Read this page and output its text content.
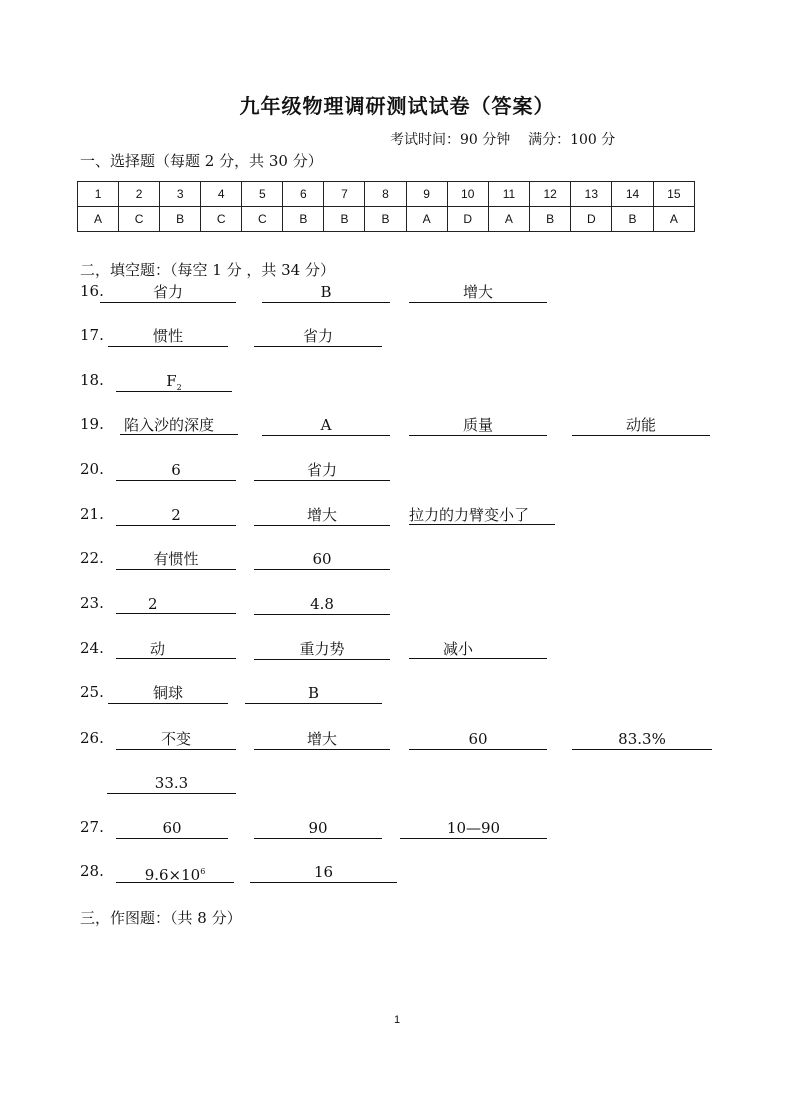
九年级物理调研测试试卷（答案）
考试时间：90 分钟 满分：100 分
一、选择题（每题 2 分，共 30 分）
1	2	3	4	5	6	7	8	9	10	11	12	13	14	15
A	C	B	C	C	B	B	B	A	D	A	B	D	B	A
二，填空题：（每空 1 分 ，共 34 分）
16.	省力	B	增大
17.	惯性	省力
18.	$F_2$
19.	陷入沙的深度	A	质量	动能
20.	6	省力
21.	2	增大	拉力的力臂变小了
22.	有惯性	60
23.	2	4.8
24.	动	重力势	减小
25.	铜球	B
26.	不变	增大	60	83.3%
33.3
27.	60	90	10—90
28.	$9.6\times 10^6$	16
三，作图题：（共 8 分）
1
